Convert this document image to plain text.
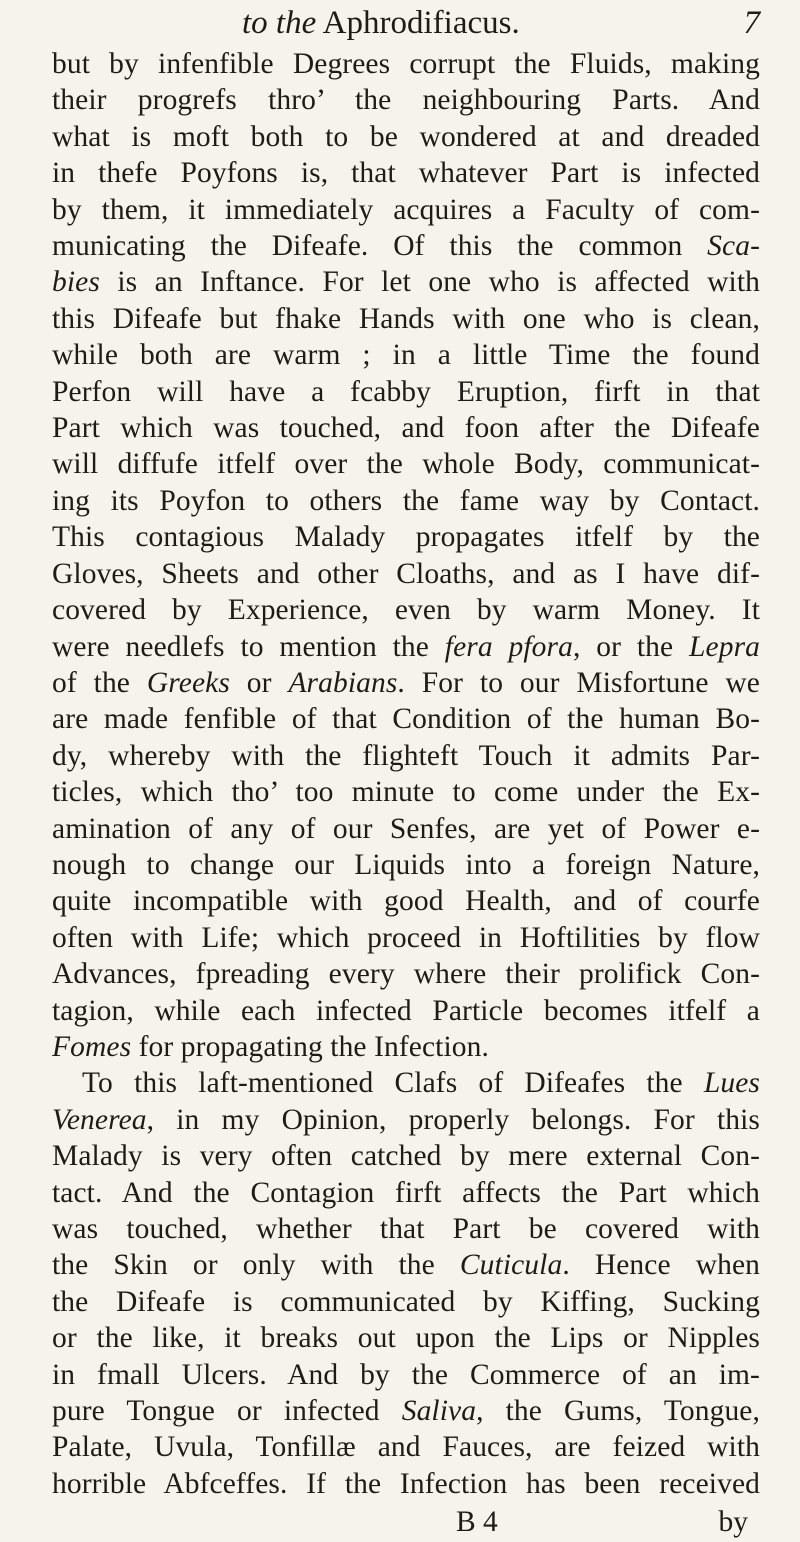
to the Aphrodifiacus.	7
but by infenfible Degrees corrupt the Fluids, making
their progrefs thro’ the neighbouring Parts. And
what is moft both to be wondered at and dreaded
in thefe Poyfons is, that whatever Part is infected
by them, it immediately acquires a Faculty of com-
municating the Difeafe. Of this the common Sca-
bies is an Inftance. For let one who is affected with
this Difeafe but fhake Hands with one who is clean,
while both are warm ; in a little Time the found
Perfon will have a fcabby Eruption, firft in that
Part which was touched, and foon after the Difeafe
will diffufe itfelf over the whole Body, communicat-
ing its Poyfon to others the fame way by Contact.
This contagious Malady propagates itfelf by the
Gloves, Sheets and other Cloaths, and as I have dif-
covered by Experience, even by warm Money. It
were needlefs to mention the fera pfora, or the Lepra
of the Greeks or Arabians. For to our Misfortune we
are made fenfible of that Condition of the human Bo-
dy, whereby with the flighteft Touch it admits Par-
ticles, which tho’ too minute to come under the Ex-
amination of any of our Senfes, are yet of Power e-
nough to change our Liquids into a foreign Nature,
quite incompatible with good Health, and of courfe
often with Life; which proceed in Hoftilities by flow
Advances, fpreading every where their prolifick Con-
tagion, while each infected Particle becomes itfelf a
Fomes for propagating the Infection.
To this laft-mentioned Clafs of Difeafes the Lues
Venerea, in my Opinion, properly belongs. For this
Malady is very often catched by mere external Con-
tact. And the Contagion firft affects the Part which
was touched, whether that Part be covered with
the Skin or only with the Cuticula. Hence when
the Difeafe is communicated by Kiffing, Sucking
or the like, it breaks out upon the Lips or Nipples
in fmall Ulcers. And by the Commerce of an im-
pure Tongue or infected Saliva, the Gums, Tongue,
Palate, Uvula, Tonfillæ and Fauces, are feized with
horrible Abfceffes. If the Infection has been received
B 4	by
